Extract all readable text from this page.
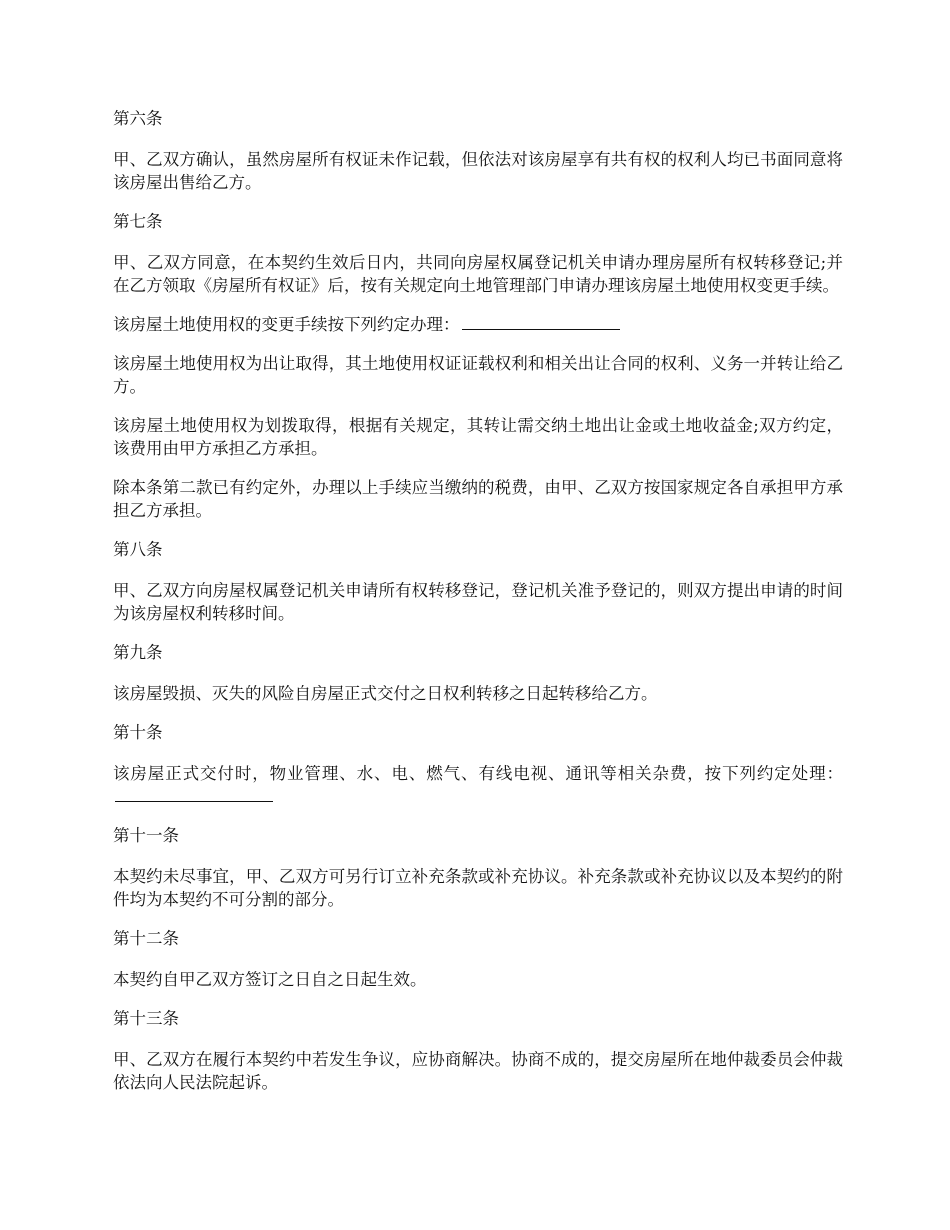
第六条

甲、乙双方确认，虽然房屋所有权证未作记载，但依法对该房屋享有共有权的权利人均已书面同意将该房屋出售给乙方。

第七条

甲、乙双方同意，在本契约生效后日内，共同向房屋权属登记机关申请办理房屋所有权转移登记;并在乙方领取《房屋所有权证》后，按有关规定向土地管理部门申请办理该房屋土地使用权变更手续。

该房屋土地使用权的变更手续按下列约定办理：

该房屋土地使用权为出让取得，其土地使用权证证载权利和相关出让合同的权利、义务一并转让给乙方。

该房屋土地使用权为划拨取得，根据有关规定，其转让需交纳土地出让金或土地收益金;双方约定，该费用由甲方承担乙方承担。

除本条第二款已有约定外，办理以上手续应当缴纳的税费，由甲、乙双方按国家规定各自承担甲方承担乙方承担。

第八条

甲、乙双方向房屋权属登记机关申请所有权转移登记，登记机关准予登记的，则双方提出申请的时间为该房屋权利转移时间。

第九条

该房屋毁损、灭失的风险自房屋正式交付之日权利转移之日起转移给乙方。

第十条

该房屋正式交付时，物业管理、水、电、燃气、有线电视、通讯等相关杂费，按下列约定处理：

第十一条

本契约未尽事宜，甲、乙双方可另行订立补充条款或补充协议。补充条款或补充协议以及本契约的附件均为本契约不可分割的部分。

第十二条

本契约自甲乙双方签订之日自之日起生效。

第十三条

甲、乙双方在履行本契约中若发生争议，应协商解决。协商不成的，提交房屋所在地仲裁委员会仲裁依法向人民法院起诉。
